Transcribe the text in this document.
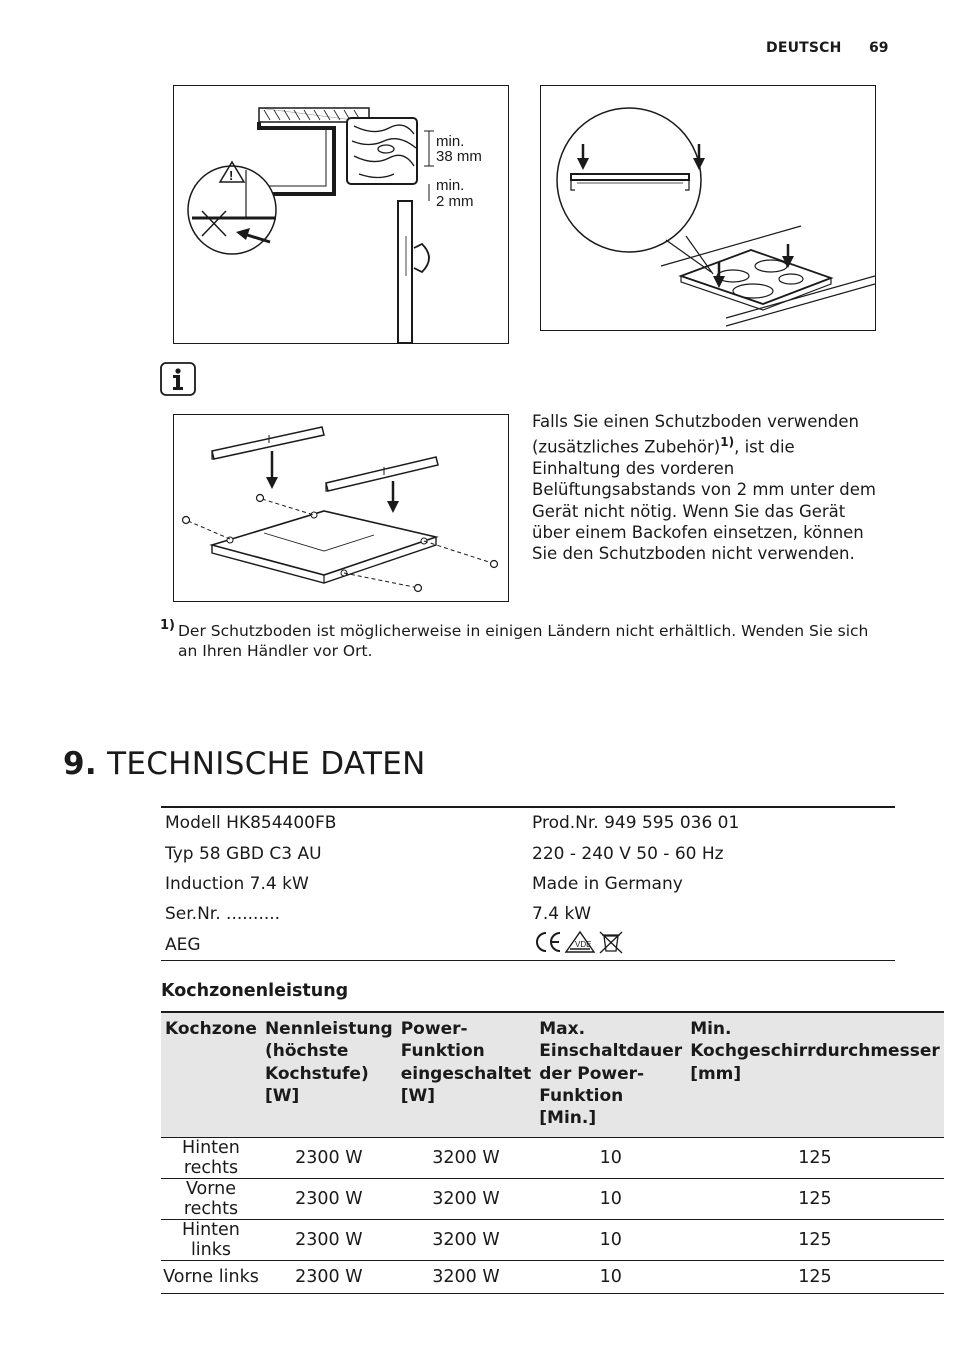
DEUTSCH 69
min.
38 mm
min.
2 mm
!
Falls Sie einen Schutzboden verwenden (zusätzliches Zubehör)$^{1)}$, ist die Einhaltung des vorderen Belüftungsabstands von 2 mm unter dem Gerät nicht nötig. Wenn Sie das Gerät über einem Backofen einsetzen, können Sie den Schutzboden nicht verwenden.
1) Der Schutzboden ist möglicherweise in einigen Ländern nicht erhältlich. Wenden Sie sich an Ihren Händler vor Ort.
9. TECHNISCHE DATEN
Modell HK854400FB	Prod.Nr. 949 595 036 01
Typ 58 GBD C3 AU	220 - 240 V 50 - 60 Hz
Induction 7.4 kW	Made in Germany
Ser.Nr. ..........	7.4 kW
AEG	VDE
Kochzonenleistung
Kochzone	Nennleistung (höchste Kochstufe) [W]	Power-Funktion eingeschaltet [W]	Max. Einschaltdauer der Power-Funktion [Min.]	Min. Kochgeschirrdurchmesser [mm]
Hinten rechts	2300 W	3200 W	10	125
Vorne rechts	2300 W	3200 W	10	125
Hinten links	2300 W	3200 W	10	125
Vorne links	2300 W	3200 W	10	125
